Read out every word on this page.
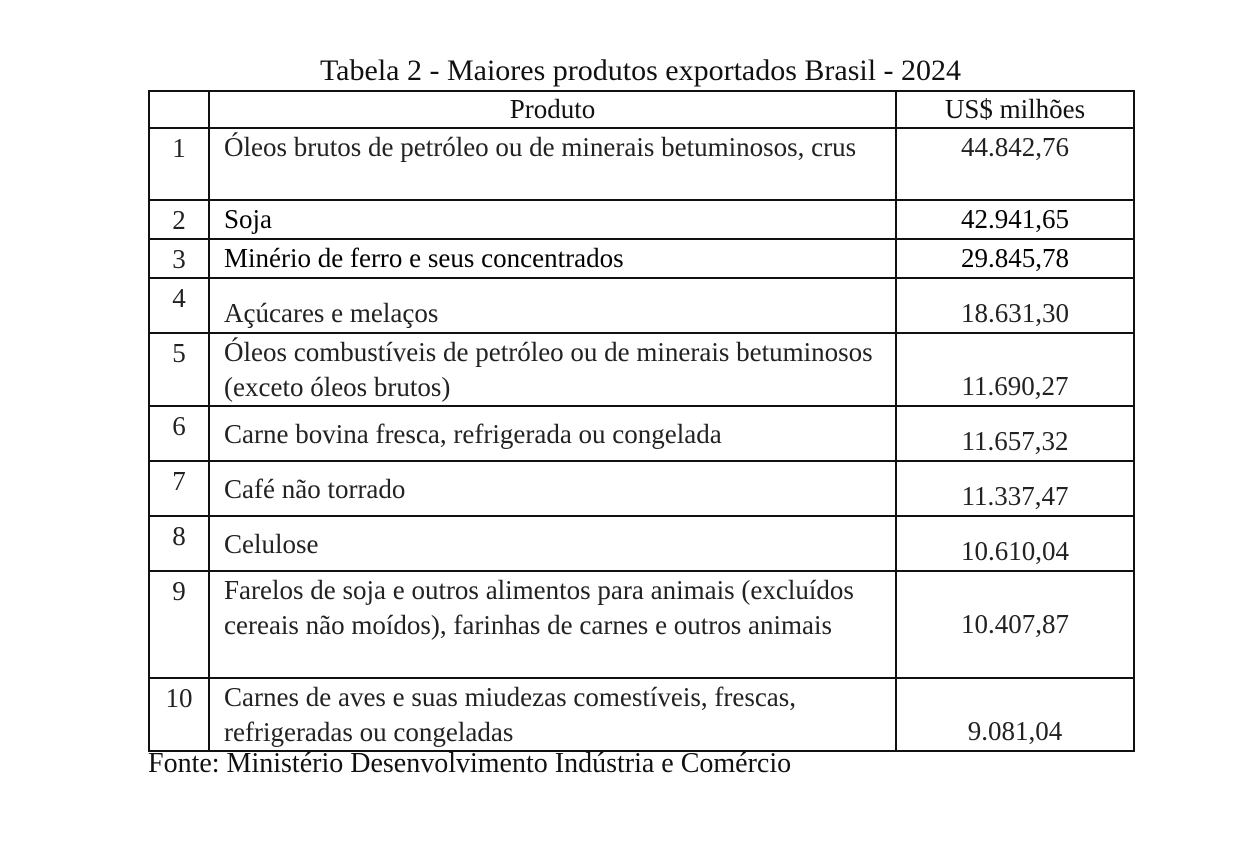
Tabela 2 - Maiores produtos exportados Brasil - 2024
	Produto	US$ milhões
1	Óleos brutos de petróleo ou de minerais betuminosos, crus	44.842,76
2	Soja	42.941,65
3	Minério de ferro e seus concentrados	29.845,78
4	Açúcares e melaços	18.631,30
5	Óleos combustíveis de petróleo ou de minerais betuminosos (exceto óleos brutos)	11.690,27
6	Carne bovina fresca, refrigerada ou congelada	11.657,32
7	Café não torrado	11.337,47
8	Celulose	10.610,04
9	Farelos de soja e outros alimentos para animais (excluídos cereais não moídos), farinhas de carnes e outros animais	10.407,87
10	Carnes de aves e suas miudezas comestíveis, frescas, refrigeradas ou congeladas	9.081,04
Fonte: Ministério Desenvolvimento Indústria e Comércio
